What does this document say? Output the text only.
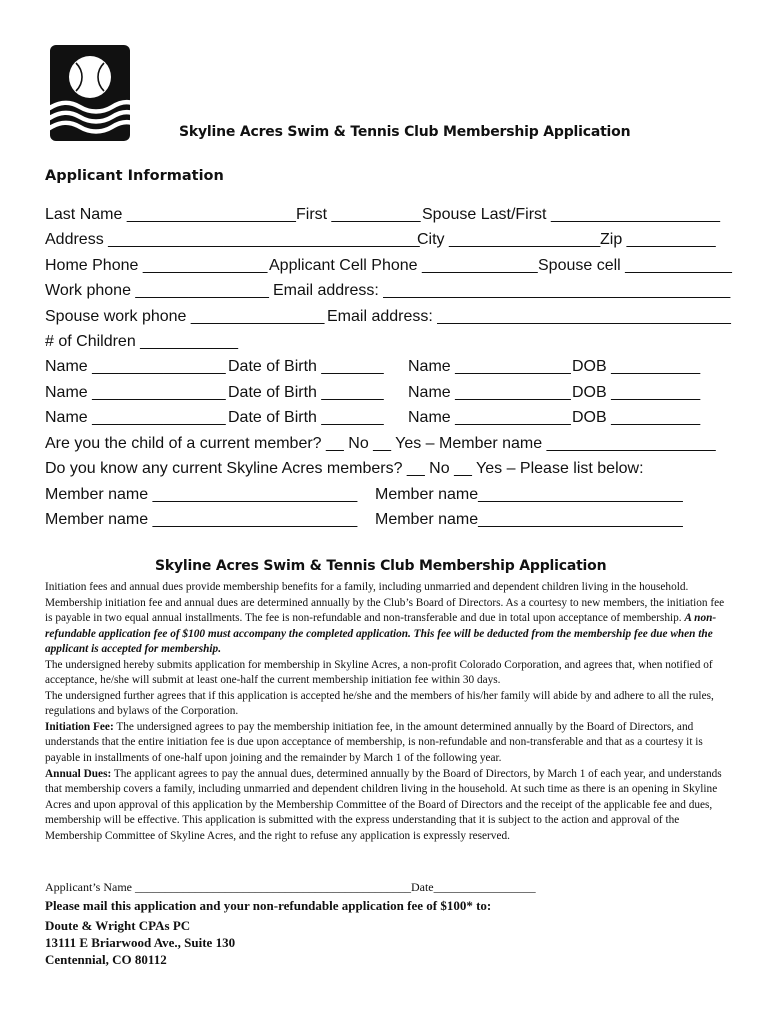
Skyline Acres Swim & Tennis Club Membership Application
Applicant Information
Last Name ___________________ First __________ Spouse Last/First ___________________
Address ___________________________________
City _________________ Zip __________
Home Phone ______________ Applicant Cell Phone _____________ Spouse cell ____________
Work phone _______________ Email address: _______________________________________
Spouse work phone _______________ Email address: _________________________________
# of Children ___________
Name _______________ Date of Birth _______ Name _____________ DOB __________
Name _______________ Date of Birth _______ Name _____________ DOB __________
Name _______________ Date of Birth _______ Name _____________ DOB __________
Are you the child of a current member? __ No __ Yes – Member name ___________________
Do you know any current Skyline Acres members? __ No __ Yes – Please list below:
Member name _______________________ Member name_______________________
Member name _______________________ Member name_______________________
Skyline Acres Swim & Tennis Club Membership Application

Initiation fees and annual dues provide membership benefits for a family, including unmarried and dependent children living in the household. Membership initiation fee and annual dues are determined annually by the Club’s Board of Directors. As a courtesy to new members, the initiation fee is payable in two equal annual installments. The fee is non-refundable and non-transferable and due in total upon acceptance of membership. A non-refundable application fee of $100 must accompany the completed application. This fee will be deducted from the membership fee due when the applicant is accepted for membership.

The undersigned hereby submits application for membership in Skyline Acres, a non-profit Colorado Corporation, and agrees that, when notified of acceptance, he/she will submit at least one-half the current membership initiation fee within 30 days.

The undersigned further agrees that if this application is accepted he/she and the members of his/her family will abide by and adhere to all the rules, regulations and bylaws of the Corporation.

Initiation Fee: The undersigned agrees to pay the membership initiation fee, in the amount determined annually by the Board of Directors, and understands that the entire initiation fee is due upon acceptance of membership, is non-refundable and non-transferable and that as a courtesy it is payable in installments of one-half upon joining and the remainder by March 1 of the following year.

Annual Dues: The applicant agrees to pay the annual dues, determined annually by the Board of Directors, by March 1 of each year, and understands that membership covers a family, including unmarried and dependent children living in the household. At such time as there is an opening in Skyline Acres and upon approval of this application by the Membership Committee of the Board of Directors and the receipt of the applicable fee and dues, membership will be effective. This application is submitted with the express understanding that it is subject to the action and approval of the Membership Committee of Skyline Acres, and the right to refuse any application is expressly reserved.

Applicant’s Name ______________________________________________Date_________________
Please mail this application and your non-refundable application fee of $100* to:
Doute & Wright CPAs PC
13111 E Briarwood Ave., Suite 130
Centennial, CO 80112
